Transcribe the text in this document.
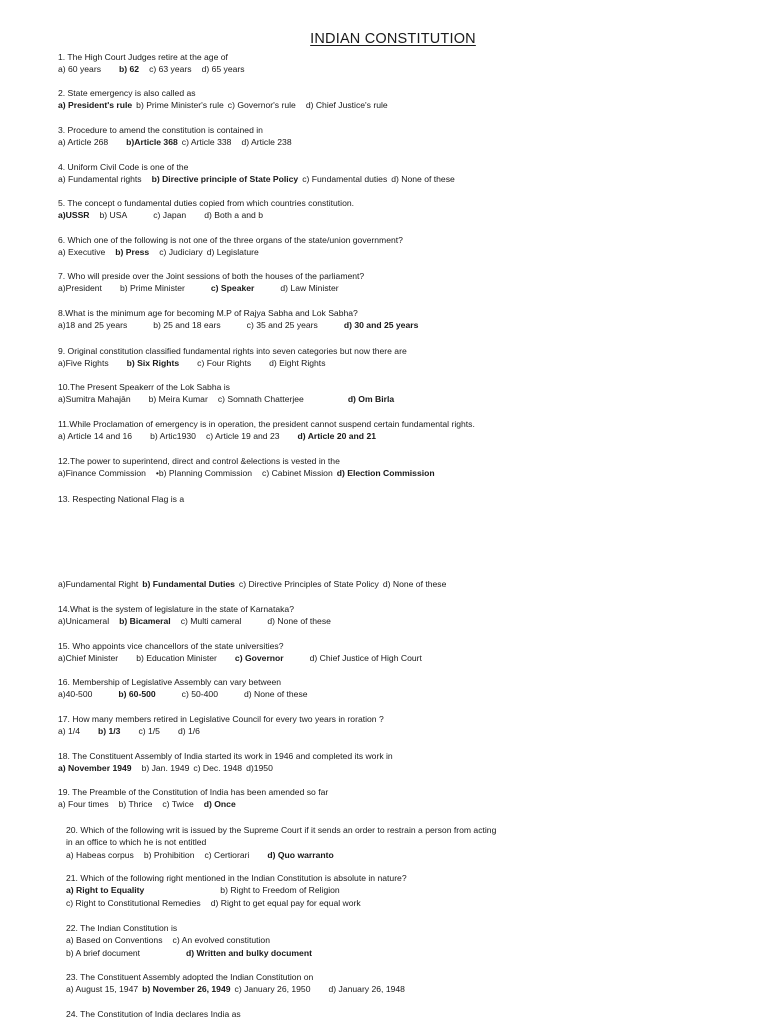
INDIAN CONSTITUTION
1. The High Court Judges retire at the age of
a) 60 years b) 62 c) 63 years d) 65 years
2. State emergency is also called as
a) President's rule b) Prime Minister's rule c) Governor's rule d) Chief Justice's rule
3. Procedure to amend the constitution is contained in
a) Article 268 b)Article 368 c) Article 338 d) Article 238
4. Uniform Civil Code is one of the
a) Fundamental rights b) Directive principle of State Policy c) Fundamental duties d) None of these
5. The concept o fundamental duties copied from which countries constitution.
a)USSR b) USA	c) Japan d) Both a and b
6. Which one of the following is not one of the three organs of the state/union government?
a) Executive b) Press c) Judiciary d) Legislature
7. Who will preside over the Joint sessions of both the houses of the parliament?
a)President b) Prime Minister	c) Speaker	d) Law Minister
8.What is the minimum age for becoming M.P of Rajya Sabha and Lok Sabha?
a)18 and 25 years	b) 25 and 18 ears	c) 35 and 25 years	d) 30 and 25 years
9. Original constitution classified fundamental rights into seven categories but now there are
a)Five Rights b) Six Rights c) Four Rights d) Eight Rights
10.The Present Speakerr of the Lok Sabha is
a)Sumitra Mahajān b) Meira Kumar c) Somnath Chatterjee	d) Om Birla
11.While Proclamation of emergency is in operation, the president cannot suspend certain fundamental rights.
a) Article 14 and 16 b) Artic1930 c) Article 19 and 23 d) Article 20 and 21
12.The power to superintend, direct and control &elections is vested in the
a)Finance Commission •b) Planning Commission c) Cabinet Mission d) Election Commission
13. Respecting National Flag is a
a)Fundamental Right b) Fundamental Duties c) Directive Principles of State Policy d) None of these
14.What is the system of legislature in the state of Karnataka?
a)Unicameral b) Bicameral c) Multi cameral	d) None of these
15. Who appoints vice chancellors of the state universities?
a)Chief Minister b) Education Minister c) Governor	d) Chief Justice of High Court
16. Membership of Legislative Assembly can vary between
a)40-500	b) 60-500	c) 50-400	d) None of these
17. How many members retired in Legislative Council for every two years in roration ?
a) 1/4 b) 1/3 c) 1/5 d) 1/6
18. The Constituent Assembly of India started its work in 1946 and completed its work in
a) November 1949 b) Jan. 1949 c) Dec. 1948 d)1950
19. The Preamble of the Constitution of India has been amended so far
a) Four times b) Thrice c) Twice d) Once
20. Which of the following writ is issued by the Supreme Court if it sends an order to restrain a person from acting
in an office to which he is not entitled
a) Habeas corpus b) Prohibition c) Certiorari d) Quo warranto
21. Which of the following right mentioned in the Indian Constitution is absolute in nature?
a) Right to Equality	b) Right to Freedom of Religion
c) Right to Constitutional Remedies d) Right to get equal pay for equal work
22. The Indian Constitution is
a) Based on Conventions c) An evolved constitution
b) A brief document	d) Written and bulky document
23. The Constituent Assembly adopted the Indian Constitution on
a) August 15, 1947 b) November 26, 1949 c) January 26, 1950 d) January 26, 1948
24. The Constitution of India declares India as
